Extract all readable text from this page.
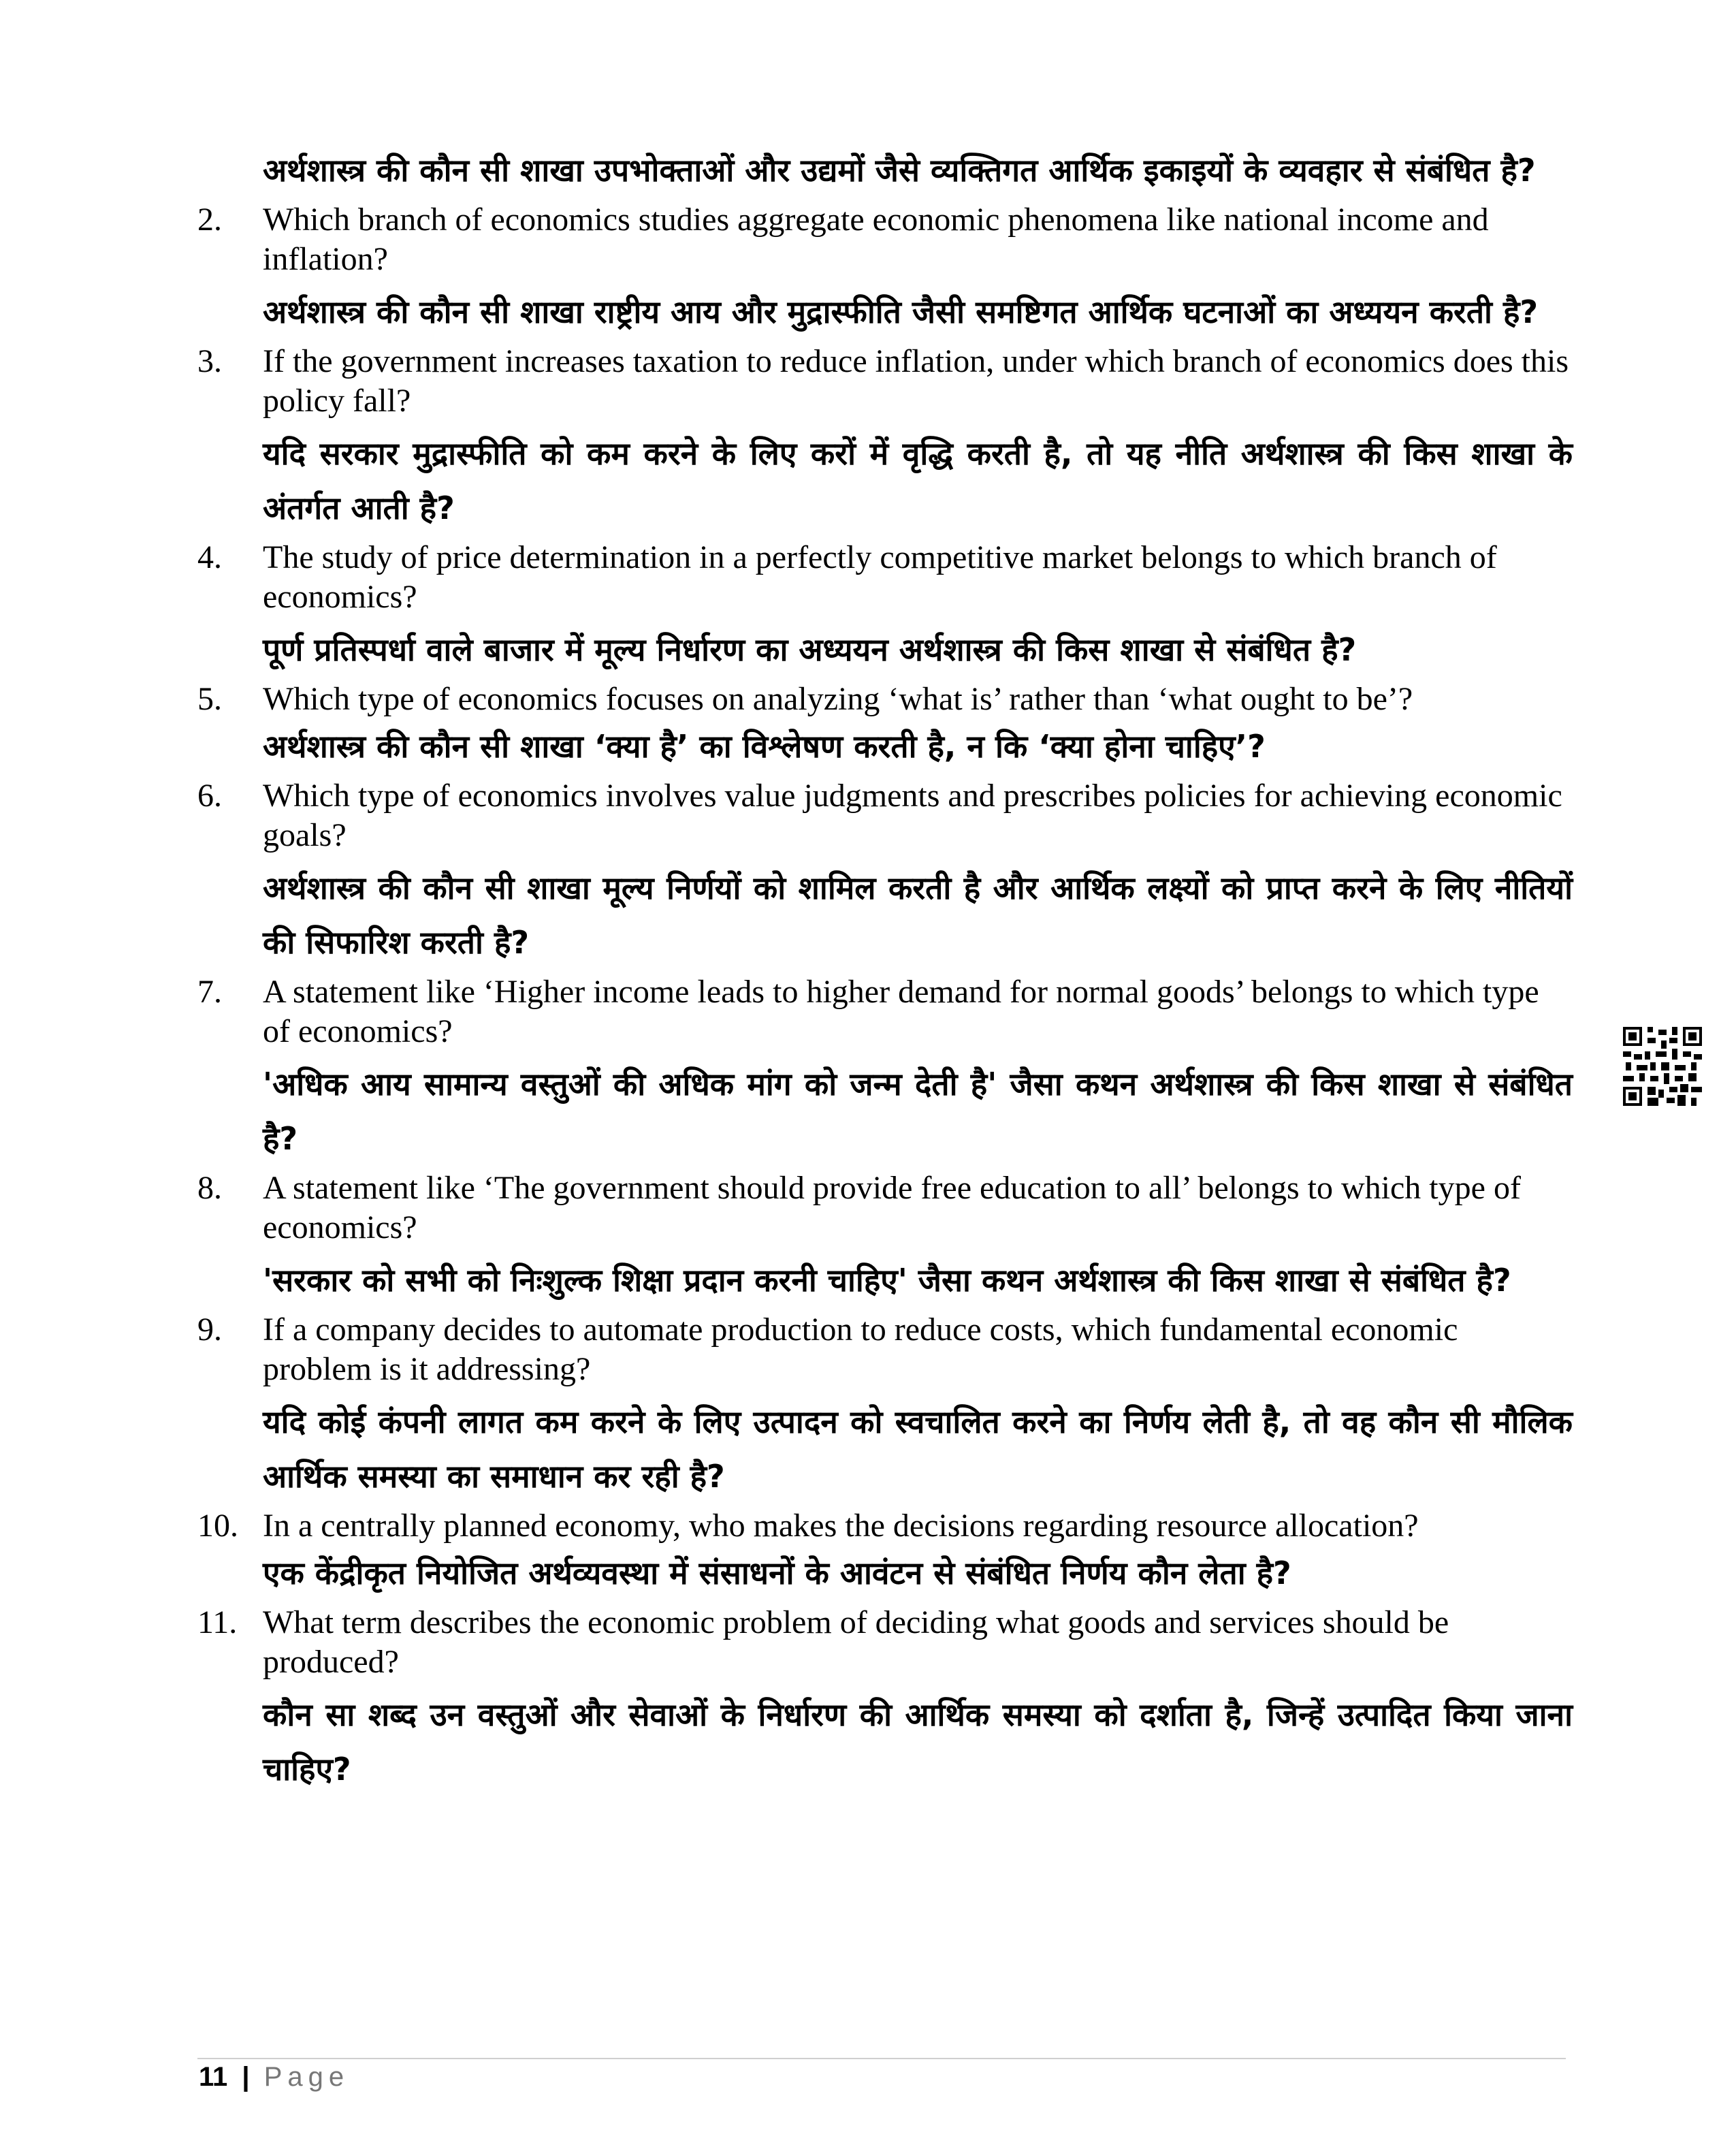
अर्थशास्त्र की कौन सी शाखा उपभोक्ताओं और उद्यमों जैसे व्यक्तिगत आर्थिक इकाइयों के व्यवहार से संबंधित है?
2.	Which branch of economics studies aggregate economic phenomena like national income and inflation?
अर्थशास्त्र की कौन सी शाखा राष्ट्रीय आय और मुद्रास्फीति जैसी समष्टिगत आर्थिक घटनाओं का अध्ययन करती है?
3.	If the government increases taxation to reduce inflation, under which branch of economics does this policy fall?
यदि सरकार मुद्रास्फीति को कम करने के लिए करों में वृद्धि करती है, तो यह नीति अर्थशास्त्र की किस शाखा के अंतर्गत आती है?
4.	The study of price determination in a perfectly competitive market belongs to which branch of economics?
पूर्ण प्रतिस्पर्धा वाले बाजार में मूल्य निर्धारण का अध्ययन अर्थशास्त्र की किस शाखा से संबंधित है?
5.	Which type of economics focuses on analyzing ‘what is’ rather than ‘what ought to be’?
अर्थशास्त्र की कौन सी शाखा ‘क्या है’ का विश्लेषण करती है, न कि ‘क्या होना चाहिए’?
6.	Which type of economics involves value judgments and prescribes policies for achieving economic goals?
अर्थशास्त्र की कौन सी शाखा मूल्य निर्णयों को शामिल करती है और आर्थिक लक्ष्यों को प्राप्त करने के लिए नीतियों की सिफारिश करती है?
7.	A statement like ‘Higher income leads to higher demand for normal goods’ belongs to which type of economics?
'अधिक आय सामान्य वस्तुओं की अधिक मांग को जन्म देती है' जैसा कथन अर्थशास्त्र की किस शाखा से संबंधित है?
8.	A statement like ‘The government should provide free education to all’ belongs to which type of economics?
'सरकार को सभी को निःशुल्क शिक्षा प्रदान करनी चाहिए' जैसा कथन अर्थशास्त्र की किस शाखा से संबंधित है?
9.	If a company decides to automate production to reduce costs, which fundamental economic problem is it addressing?
यदि कोई कंपनी लागत कम करने के लिए उत्पादन को स्वचालित करने का निर्णय लेती है, तो वह कौन सी मौलिक आर्थिक समस्या का समाधान कर रही है?
10. In a centrally planned economy, who makes the decisions regarding resource allocation?
एक केंद्रीकृत नियोजित अर्थव्यवस्था में संसाधनों के आवंटन से संबंधित निर्णय कौन लेता है?
11. What term describes the economic problem of deciding what goods and services should be produced?
कौन सा शब्द उन वस्तुओं और सेवाओं के निर्धारण की आर्थिक समस्या को दर्शाता है, जिन्हें उत्पादित किया जाना चाहिए?
11 | Page
